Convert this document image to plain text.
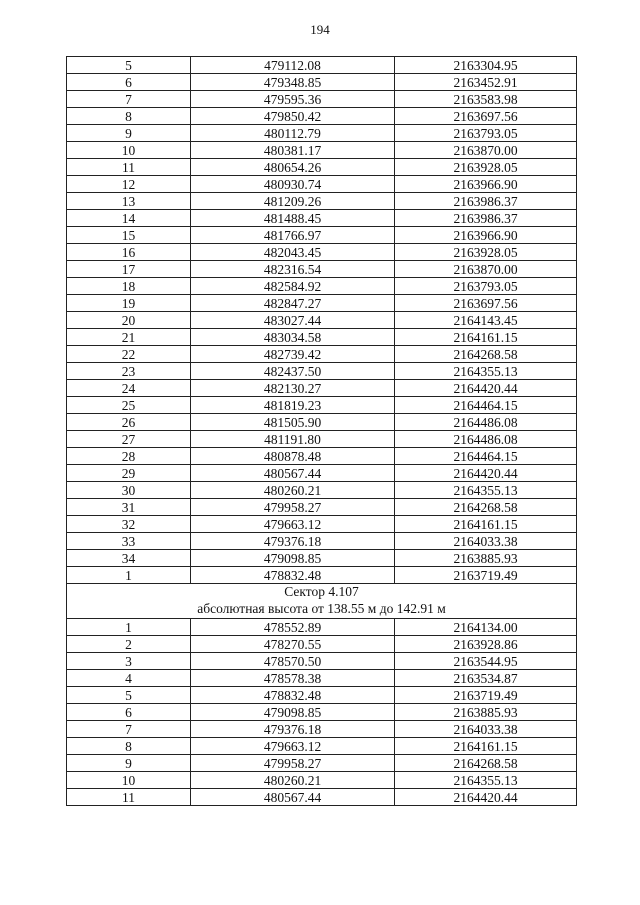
194
5	479112.08	2163304.95
6	479348.85	2163452.91
7	479595.36	2163583.98
8	479850.42	2163697.56
9	480112.79	2163793.05
10	480381.17	2163870.00
11	480654.26	2163928.05
12	480930.74	2163966.90
13	481209.26	2163986.37
14	481488.45	2163986.37
15	481766.97	2163966.90
16	482043.45	2163928.05
17	482316.54	2163870.00
18	482584.92	2163793.05
19	482847.27	2163697.56
20	483027.44	2164143.45
21	483034.58	2164161.15
22	482739.42	2164268.58
23	482437.50	2164355.13
24	482130.27	2164420.44
25	481819.23	2164464.15
26	481505.90	2164486.08
27	481191.80	2164486.08
28	480878.48	2164464.15
29	480567.44	2164420.44
30	480260.21	2164355.13
31	479958.27	2164268.58
32	479663.12	2164161.15
33	479376.18	2164033.38
34	479098.85	2163885.93
1	478832.48	2163719.49

Сектор 4.107
абсолютная высота от 138.55 м до 142.91 м		

1	478552.89	2164134.00
2	478270.55	2163928.86
3	478570.50	2163544.95
4	478578.38	2163534.87
5	478832.48	2163719.49
6	479098.85	2163885.93
7	479376.18	2164033.38
8	479663.12	2164161.15
9	479958.27	2164268.58
10	480260.21	2164355.13
11	480567.44	2164420.44
